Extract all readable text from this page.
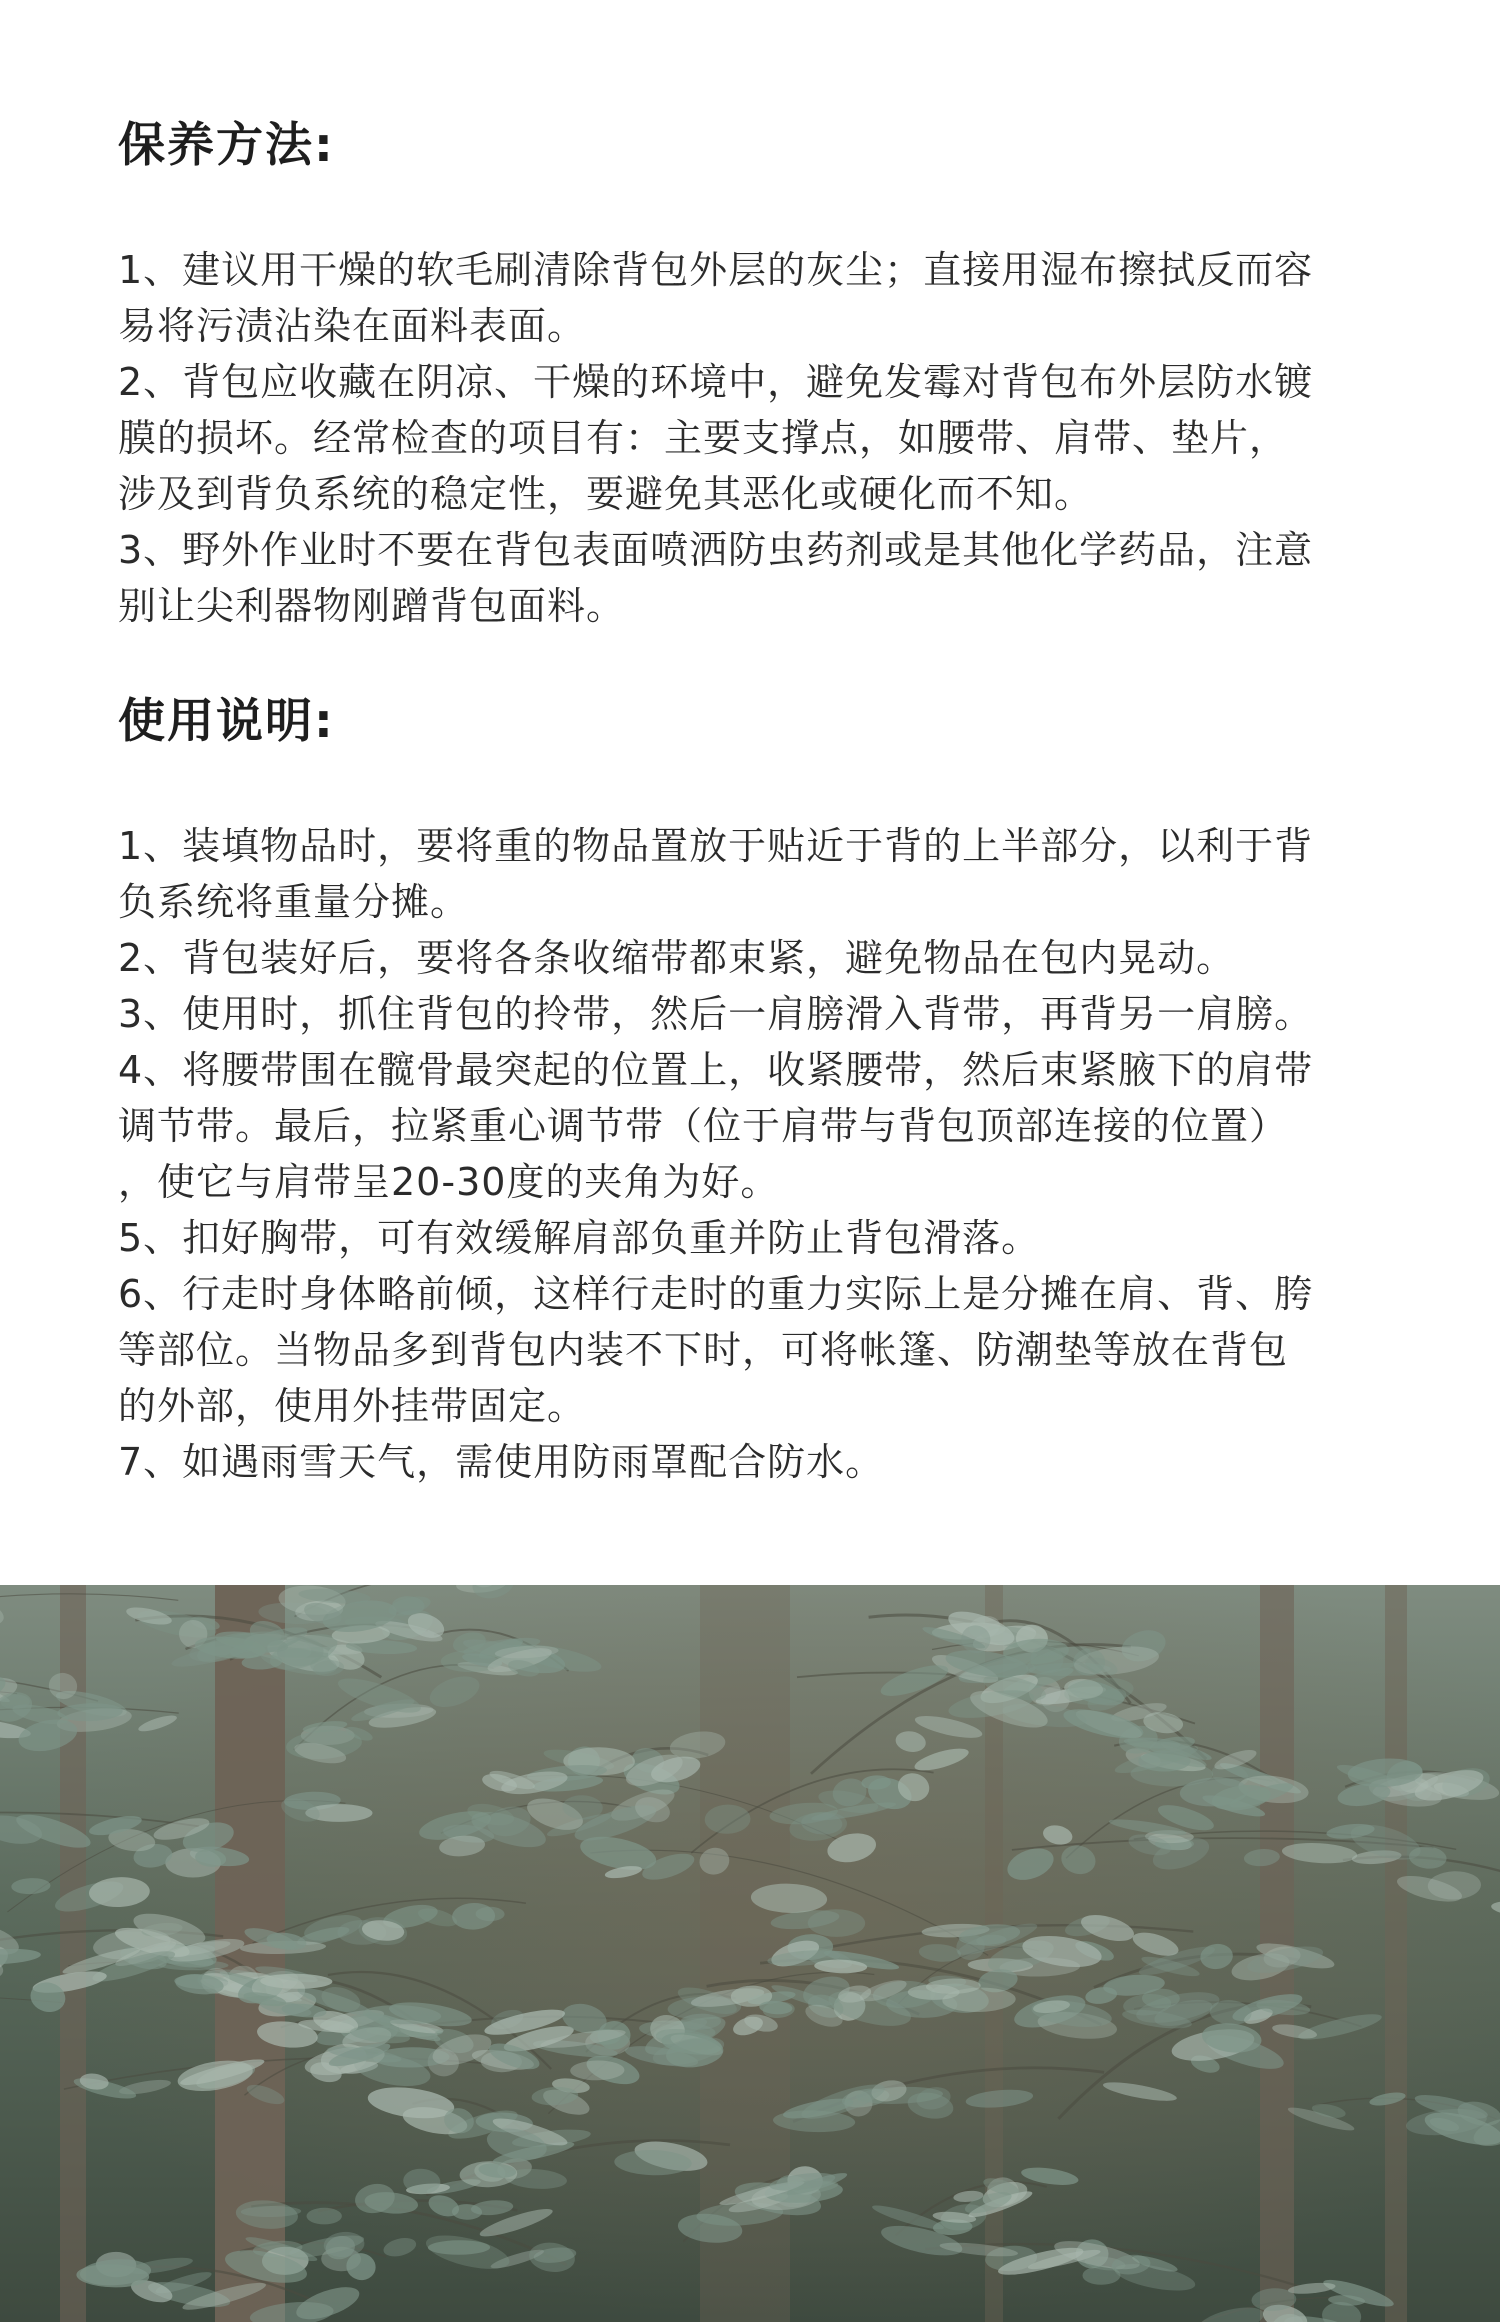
保养方法:

1、建议用干燥的软毛刷清除背包外层的灰尘；直接用湿布擦拭反而容

易将污渍沾染在面料表面。

2、背包应收藏在阴凉、干燥的环境中，避免发霉对背包布外层防水镀

膜的损坏。经常检查的项目有：主要支撑点，如腰带、肩带、垫片，

涉及到背负系统的稳定性，要避免其恶化或硬化而不知。

3、野外作业时不要在背包表面喷洒防虫药剂或是其他化学药品，注意

别让尖利器物刚蹭背包面料。

使用说明:

1、装填物品时，要将重的物品置放于贴近于背的上半部分，以利于背

负系统将重量分摊。

2、背包装好后，要将各条收缩带都束紧，避免物品在包内晃动。

3、使用时，抓住背包的拎带，然后一肩膀滑入背带，再背另一肩膀。

4、将腰带围在髋骨最突起的位置上，收紧腰带，然后束紧腋下的肩带

调节带。最后，拉紧重心调节带（位于肩带与背包顶部连接的位置）

，使它与肩带呈20-30度的夹角为好。

5、扣好胸带，可有效缓解肩部负重并防止背包滑落。

6、行走时身体略前倾，这样行走时的重力实际上是分摊在肩、背、胯

等部位。当物品多到背包内装不下时，可将帐篷、防潮垫等放在背包

的外部，使用外挂带固定。

7、如遇雨雪天气，需使用防雨罩配合防水。
